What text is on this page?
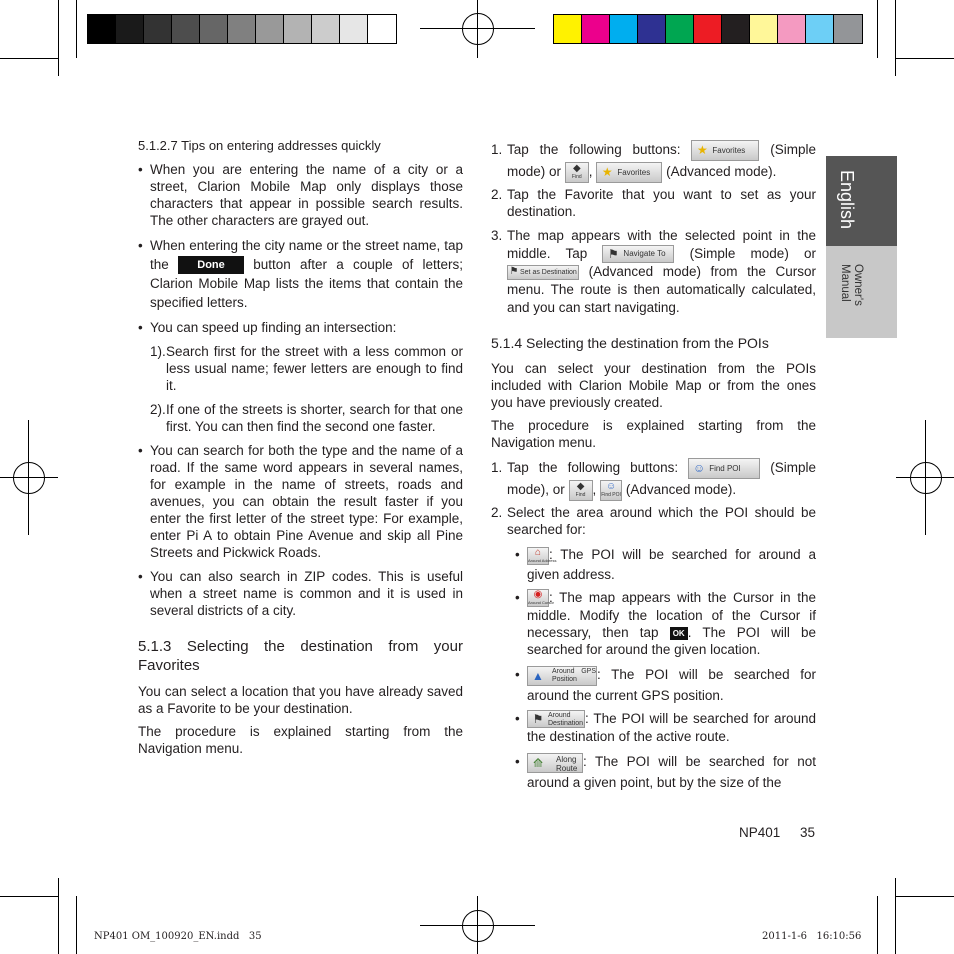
English
Owner's Manual
5.1.2.7 Tips on entering addresses quickly
• When you are entering the name of a city or a street, Clarion Mobile Map only displays those characters that appear in possible search results. The other characters are grayed out.
• When entering the city name or the street name, tap the	Done button after a couple of letters; Clarion Mobile Map lists the items that contain the specified letters.
• You can speed up finding an intersection:
1). Search first for the street with a less common or less usual name; fewer letters are enough to find it.
2). If one of the streets is shorter, search for that one first. You can then find the second one faster.
• You can search for both the type and the name of a road. If the same word appears in several names, for example in the name of streets, roads and avenues, you can obtain the result faster if you enter the first letter of the street type: For example, enter Pi A to obtain Pine Avenue and skip all Pine Streets and Pickwick Roads.
• You can also search in ZIP codes. This is useful when a street name is common and it is used in several districts of a city.
5.1.3 Selecting the destination from your Favorites

You can select a location that you have already saved as a Favorite to be your destination.

The procedure is explained starting from the Navigation menu.

1. Tap the following buttons: ★ Favorites (Simple mode) or ◆
Find , ★ Favorites (Advanced mode).
2. Tap the Favorite that you want to set as your destination.
3. The map appears with the selected point in the middle. Tap ⚑ Navigate To (Simple mode) or
⚑ Set as Destination (Advanced mode) from the Cursor menu. The route is then automatically calculated, and you can start navigating.
5.1.4 Selecting the destination from the POIs

You can select your destination from the POIs included with Clarion Mobile Map or from the ones you have previously created.

The procedure is explained starting from the Navigation menu.

1. Tap the following buttons: ☺ Find POI (Simple mode), or ◆
Find , ☺
Find POI (Advanced mode).
2. Select the area around which the POI should be searched for:
• ⌂
Around Address: The POI will be searched for around a given address.
• ◉
Around Cursor: The map appears with the Cursor in the middle. Modify the location of the Cursor if necessary, then tap OK . The POI will be searched for around the given location.
• ▲ Around GPS Position : The POI will be searched for around the current GPS position.
• ⚑ Around Destination : The POI will be searched for around the destination of the active route.
• ⟰ Along Route : The POI will be searched for not around a given point, but by the size of the
NP401 35
NP401 OM_100920_EN.indd   35	2011-1-6   16:10:56
